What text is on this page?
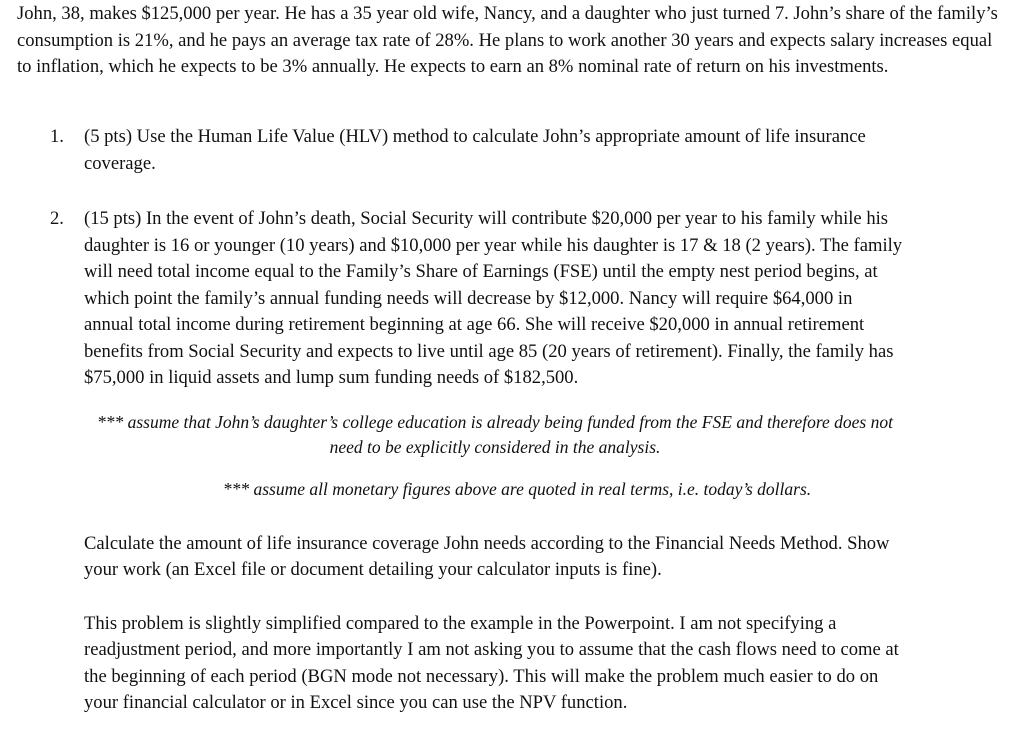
John, 38, makes $125,000 per year. He has a 35 year old wife, Nancy, and a daughter who just turned 7. John’s share of the family’s consumption is 21%, and he pays an average tax rate of 28%. He plans to work another 30 years and expects salary increases equal to inflation, which he expects to be 3% annually. He expects to earn an 8% nominal rate of return on his investments.

1. (5 pts) Use the Human Life Value (HLV) method to calculate John’s appropriate amount of life insurance coverage.
2. (15 pts) In the event of John’s death, Social Security will contribute $20,000 per year to his family while his daughter is 16 or younger (10 years) and $10,000 per year while his daughter is 17 & 18 (2 years). The family will need total income equal to the Family’s Share of Earnings (FSE) until the empty nest period begins, at which point the family’s annual funding needs will decrease by $12,000. Nancy will require $64,000 in annual total income during retirement beginning at age 66. She will receive $20,000 in annual retirement benefits from Social Security and expects to live until age 85 (20 years of retirement). Finally, the family has $75,000 in liquid assets and lump sum funding needs of $182,500.
*** assume that John’s daughter’s college education is already being funded from the FSE and therefore does not need to be explicitly considered in the analysis.
*** assume all monetary figures above are quoted in real terms, i.e. today’s dollars.
Calculate the amount of life insurance coverage John needs according to the Financial Needs Method. Show your work (an Excel file or document detailing your calculator inputs is fine).
This problem is slightly simplified compared to the example in the Powerpoint. I am not specifying a readjustment period, and more importantly I am not asking you to assume that the cash flows need to come at the beginning of each period (BGN mode not necessary). This will make the problem much easier to do on your financial calculator or in Excel since you can use the NPV function.
